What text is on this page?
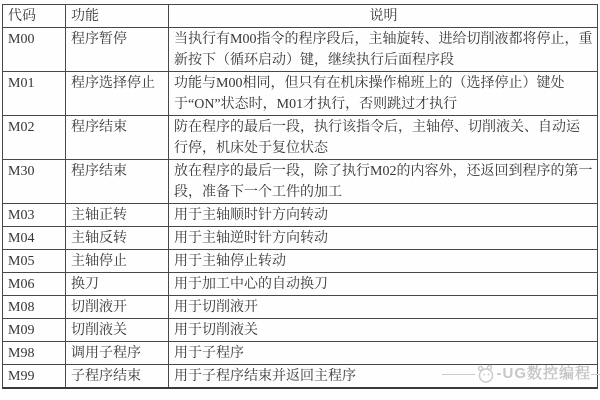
代码	功能	说明
M00	程序暂停	当执行有M00指令的程序段后，主轴旋转、进给切削液都将停止，重新按下（循环启动）键，继续执行后面程序段
M01	程序选择停止	功能与M00相同，但只有在机床操作棉班上的（选择停止）键处于“ON”状态时，M01才执行，否则跳过才执行
M02	程序结束	防在程序的最后一段，执行该指令后，主轴停、切削液关、自动运行停，机床处于复位状态
M30	程序结束	放在程序的最后一段，除了执行M02的内容外，还返回到程序的第一段，准备下一个工件的加工
M03	主轴正转	用于主轴顺时针方向转动
M04	主轴反转	用于主轴逆时针方向转动
M05	主轴停止	用于主轴停止转动
M06	换刀	用于加工中心的自动换刀
M08	切削液开	用于切削液开
M09	切削液关	用于切削液关
M98	调用子程序	用于子程序
M99	子程序结束	用于子程序结束并返回主程序	-UG数控编程
